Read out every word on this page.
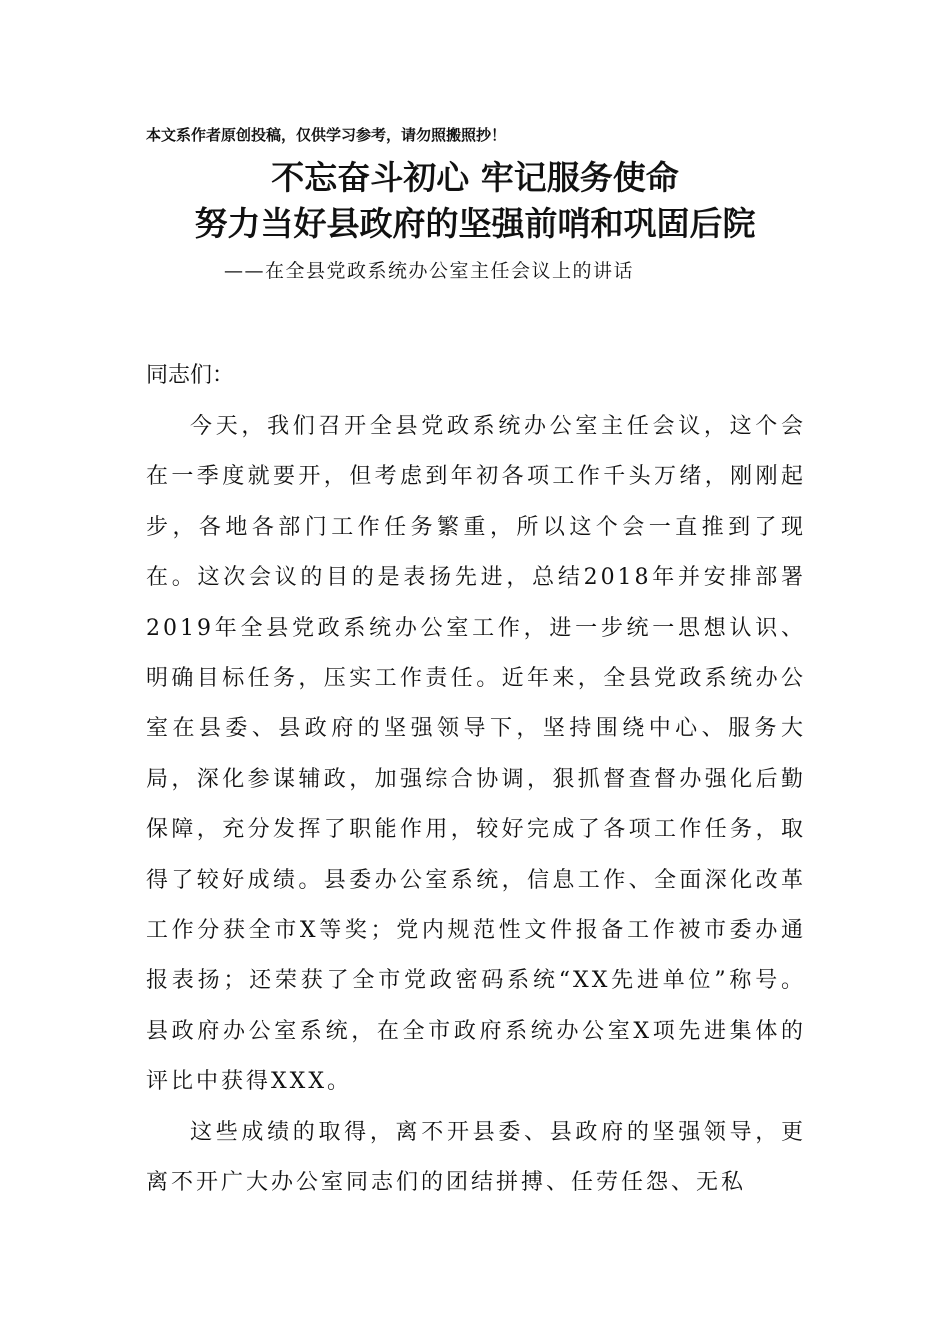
本文系作者原创投稿，仅供学习参考，请勿照搬照抄！
不忘奋斗初心 牢记服务使命
努力当好县政府的坚强前哨和巩固后院
——在全县党政系统办公室主任会议上的讲话

同志们：

今天，我们召开全县党政系统办公室主任会议，这个会在一季度就要开，但考虑到年初各项工作千头万绪，刚刚起步，各地各部门工作任务繁重，所以这个会一直推到了现在。这次会议的目的是表扬先进，总结2018年并安排部署2019年全县党政系统办公室工作，进一步统一思想认识、明确目标任务，压实工作责任。近年来，全县党政系统办公室在县委、县政府的坚强领导下，坚持围绕中心、服务大局，深化参谋辅政，加强综合协调，狠抓督查督办强化后勤保障，充分发挥了职能作用，较好完成了各项工作任务，取得了较好成绩。县委办公室系统，信息工作、全面深化改革工作分获全市X等奖；党内规范性文件报备工作被市委办通报表扬；还荣获了全市党政密码系统“XX先进单位”称号。县政府办公室系统，在全市政府系统办公室X项先进集体的评比中获得XXX。

这些成绩的取得，离不开县委、县政府的坚强领导，更离不开广大办公室同志们的团结拼搏、任劳任怨、无私
